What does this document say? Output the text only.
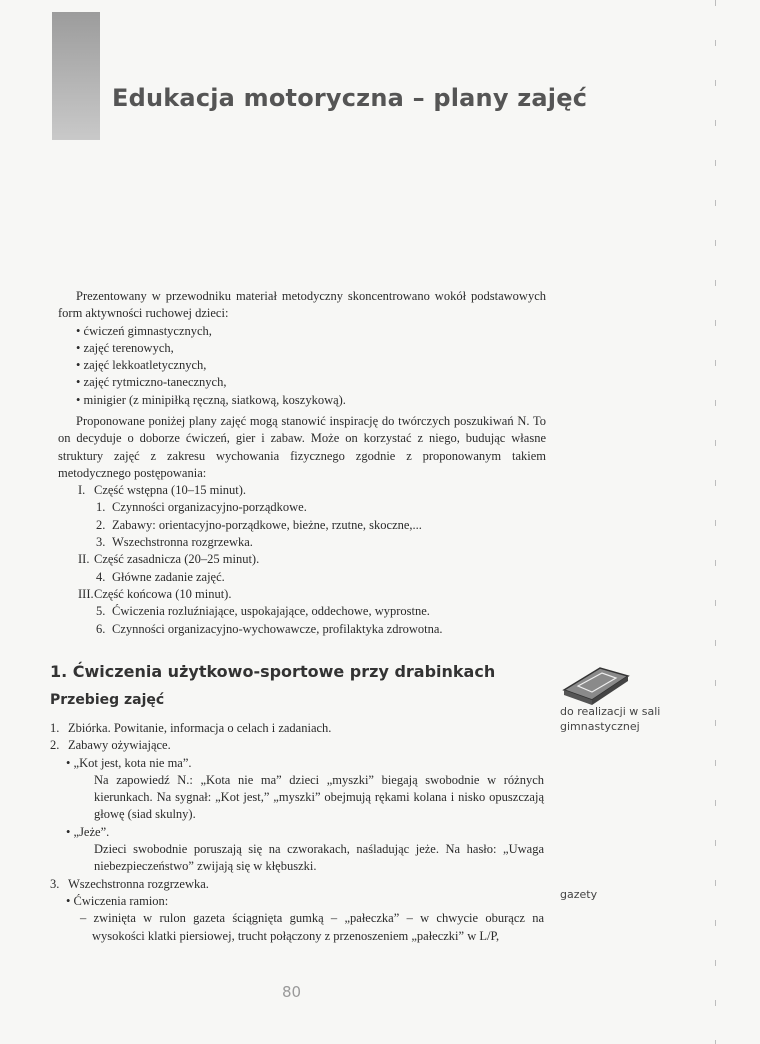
Edukacja motoryczna – plany zajęć

Prezentowany w przewodniku materiał metodyczny skoncentrowano wokół podstawowych form aktywności ruchowej dzieci:

• ćwiczeń gimnastycznych,
• zajęć terenowych,
• zajęć lekkoatletycznych,
• zajęć rytmiczno-tanecznych,
• minigier (z minipiłką ręczną, siatkową, koszykową).

Proponowane poniżej plany zajęć mogą stanowić inspirację do twórczych poszukiwań N. To on decyduje o doborze ćwiczeń, gier i zabaw. Może on korzystać z niego, budując własne struktury zajęć z zakresu wychowania fizycznego zgodnie z proponowanym takiem metodycznego postępowania:

I. Część wstępna (10–15 minut).
1. Czynności organizacyjno-porządkowe.
2. Zabawy: orientacyjno-porządkowe, bieżne, rzutne, skoczne,...
3. Wszechstronna rozgrzewka.
II. Część zasadnicza (20–25 minut).
4. Główne zadanie zajęć.
III.Część końcowa (10 minut).
5. Ćwiczenia rozluźniające, uspokajające, oddechowe, wyprostne.
6. Czynności organizacyjno-wychowawcze, profilaktyka zdrowotna.
1. Ćwiczenia użytkowo-sportowe przy drabinkach
Przebieg zajęć
1. Zbiórka. Powitanie, informacja o celach i zadaniach.
2. Zabawy ożywiające.
• „Kot jest, kota nie ma”.
Na zapowiedź N.: „Kota nie ma” dzieci „myszki” biegają swobodnie w różnych kierunkach. Na sygnał: „Kot jest,” „myszki” obejmują rękami kolana i nisko opuszczają głowę (siad skulny).
• „Jeże”.
Dzieci swobodnie poruszają się na czworakach, naśladując jeże. Na hasło: „Uwaga niebezpieczeństwo” zwijają się w kłębuszki.
3. Wszechstronna rozgrzewka.
• Ćwiczenia ramion:
– zwinięta w rulon gazeta ściągnięta gumką – „pałeczka” – w chwycie oburącz na wysokości klatki piersiowej, trucht połączony z przenoszeniem „pałeczki” w L/P,
do realizacji w sali gimnastycznej
gazety
80
